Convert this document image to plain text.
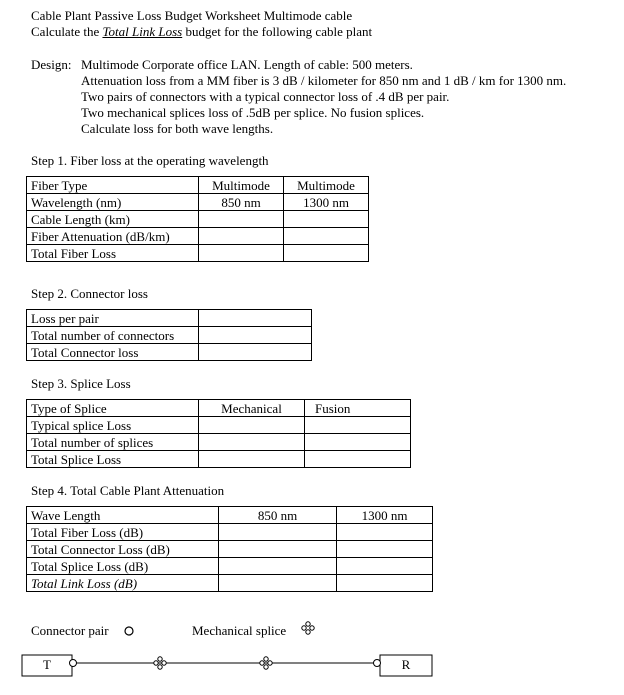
Cable Plant Passive Loss Budget Worksheet Multimode cable
Calculate the Total Link Loss budget for the following cable plant
Design: Multimode Corporate office LAN. Length of cable: 500 meters.
Attenuation loss from a MM fiber is 3 dB / kilometer for 850 nm and 1 dB / km for 1300 nm.
Two pairs of connectors with a typical connector loss of .4 dB per pair.
Two mechanical splices loss of .5dB per splice. No fusion splices.
Calculate loss for both wave lengths.
Step 1. Fiber loss at the operating wavelength
Fiber Type	Multimode	Multimode
Wavelength (nm)	850 nm	1300 nm
Cable Length (km)		
Fiber Attenuation (dB/km)		
Total Fiber Loss		
Step 2. Connector loss
Loss per pair	
Total number of connectors	
Total Connector loss	
Step 3. Splice Loss
Type of Splice	Mechanical	Fusion
Typical splice Loss		
Total number of splices		
Total Splice Loss		
Step 4. Total Cable Plant Attenuation
Wave Length	850 nm	1300 nm
Total Fiber Loss (dB)		
Total Connector Loss (dB)		
Total Splice Loss (dB)		
Total Link Loss (dB)		
Connector pair	Mechanical splice
T	R
